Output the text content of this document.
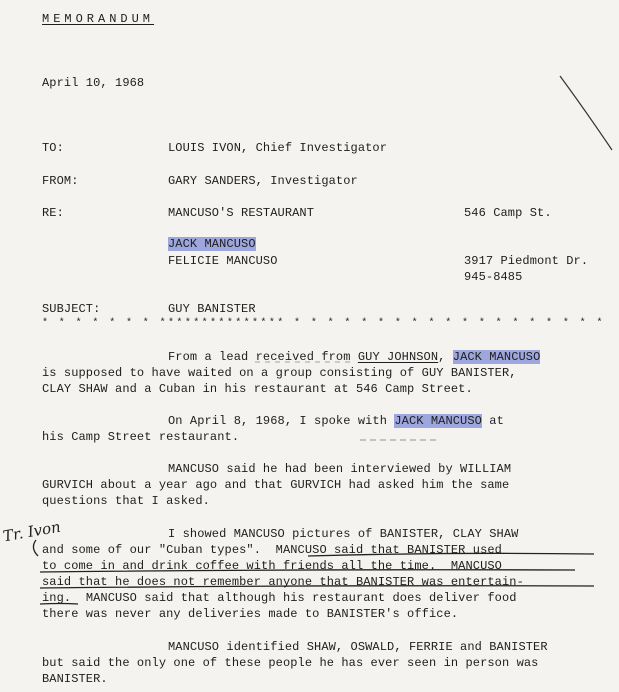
MEMORANDUM
April 10, 1968
TO:	LOUIS IVON, Chief Investigator
FROM:	GARY SANDERS, Investigator
RE:	MANCUSO'S RESTAURANT	546 Camp St.
JACK MANCUSO
FELICIE MANCUSO	3917 Piedmont Dr.
945-8485
SUBJECT:	GUY BANISTER
* * * * * * * *************** * * * * * * * * * * * * * * * * * * *
From a lead received from GUY JOHNSON, JACK MANCUSO
is supposed to have waited on a group consisting of GUY BANISTER,
CLAY SHAW and a Cuban in his restaurant at 546 Camp Street.
On April 8, 1968, I spoke with JACK MANCUSO at
his Camp Street restaurant.
MANCUSO said he had been interviewed by WILLIAM
GURVICH about a year ago and that GURVICH had asked him the same
questions that I asked.
I showed MANCUSO pictures of BANISTER, CLAY SHAW
and some of our "Cuban types".  MANCUSO said that BANISTER used
to come in and drink coffee with friends all the time.  MANCUSO
said that he does not remember anyone that BANISTER was entertain-
ing.  MANCUSO said that although his restaurant does deliver food
there was never any deliveries made to BANISTER's office.
MANCUSO identified SHAW, OSWALD, FERRIE and BANISTER
but said the only one of these people he has ever seen in person was
BANISTER.
Tr. Ivon
